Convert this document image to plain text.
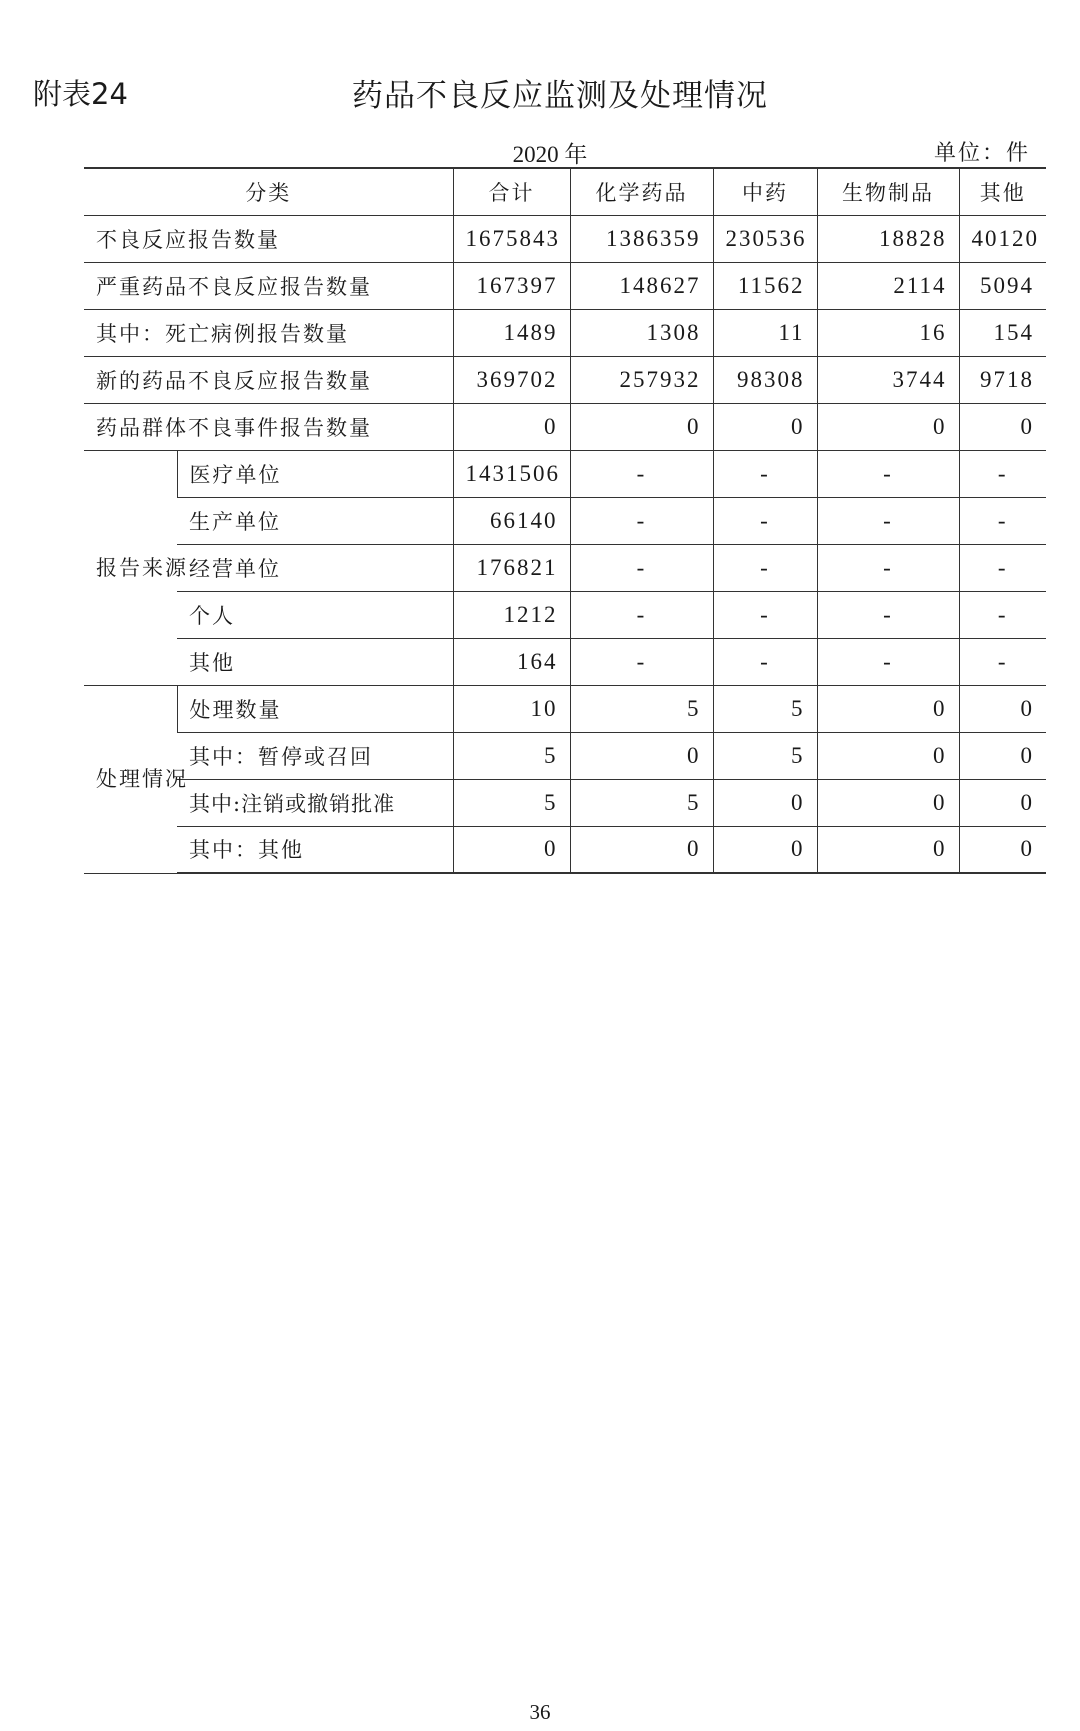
附表24	药品不良反应监测及处理情况
2020 年	单位：件
分类		合计	化学药品	中药	生物制品	其他
不良反应报告数量		1675843	1386359	230536	18828	40120
严重药品不良反应报告数量		167397	148627	11562	2114	5094
其中：死亡病例报告数量		1489	1308	11	16	154
新的药品不良反应报告数量		369702	257932	98308	3744	9718
药品群体不良事件报告数量		0	0	0	0	0
报告来源	医疗单位	1431506	-	-	-	-
	生产单位	66140	-	-	-	-
	经营单位	176821	-	-	-	-
	个人	1212	-	-	-	-
	其他	164	-	-	-	-
处理情况	处理数量	10	5	5	0	0
	其中：暂停或召回	5	0	5	0	0
	其中:注销或撤销批准	5	5	0	0	0
	其中：其他	0	0	0	0	0
36
